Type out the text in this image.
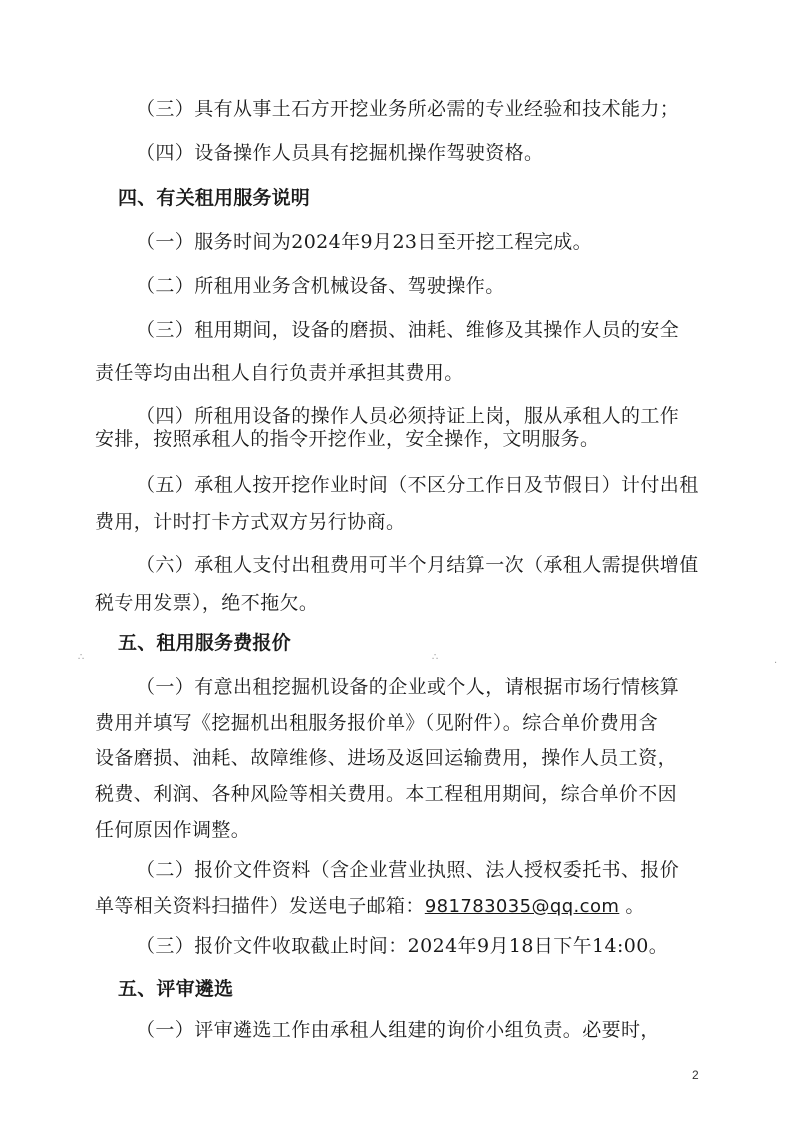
（三）具有从事土石方开挖业务所必需的专业经验和技术能力；
（四）设备操作人员具有挖掘机操作驾驶资格。
四、有关租用服务说明
（一）服务时间为2024年9月23日至开挖工程完成。
（二）所租用业务含机械设备、驾驶操作。
（三）租用期间，设备的磨损、油耗、维修及其操作人员的安全
责任等均由出租人自行负责并承担其费用。
（四）所租用设备的操作人员必须持证上岗，服从承租人的工作
安排，按照承租人的指令开挖作业，安全操作，文明服务。
（五）承租人按开挖作业时间（不区分工作日及节假日）计付出租
费用，计时打卡方式双方另行协商。
（六）承租人支付出租费用可半个月结算一次（承租人需提供增值
税专用发票），绝不拖欠。
五、租用服务费报价
（一）有意出租挖掘机设备的企业或个人，请根据市场行情核算
费用并填写《挖掘机出租服务报价单》（见附件）。综合单价费用含
设备磨损、油耗、故障维修、进场及返回运输费用，操作人员工资，
税费、利润、各种风险等相关费用。本工程租用期间，综合单价不因
任何原因作调整。
（二）报价文件资料（含企业营业执照、法人授权委托书、报价
单等相关资料扫描件）发送电子邮箱：981783035@qq.com 。
（三）报价文件收取截止时间：2024年9月18日下午14:00。
五、评审遴选
（一）评审遴选工作由承租人组建的询价小组负责。必要时，
∴	∴
·
2
